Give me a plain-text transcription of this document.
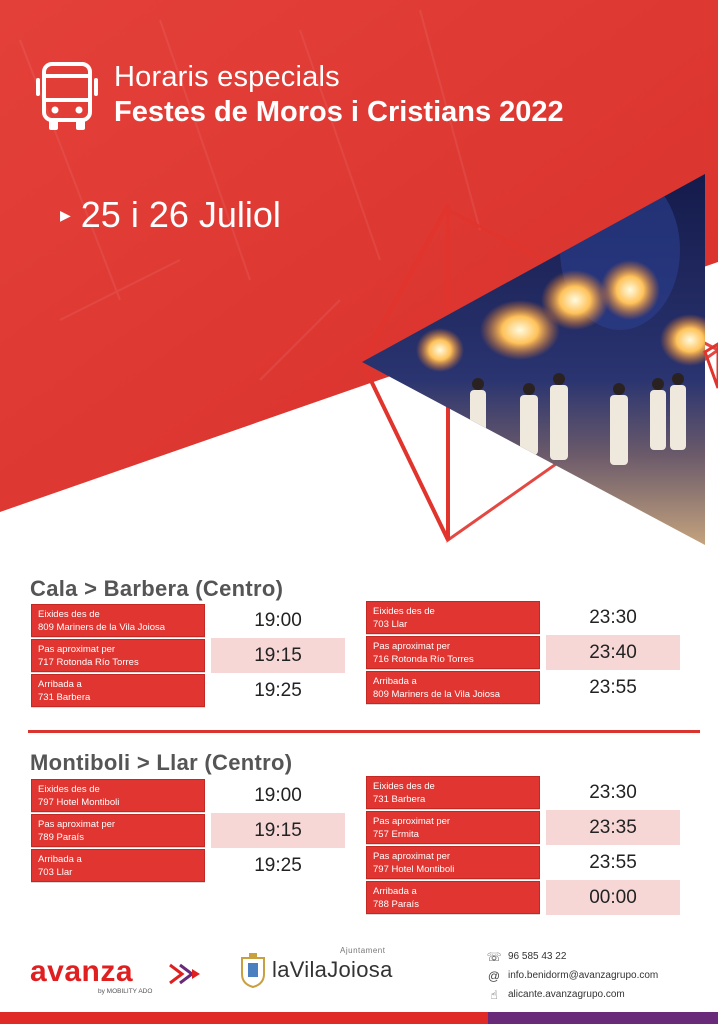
Horaris especials
Festes de Moros i Cristians 2022
▶ 25 i 26 Juliol
Cala > Barbera (Centro)
Eixides des de
809 Mariners de la Vila Joiosa
Pas aproximat per
717 Rotonda Río Torres
Arribada a
731 Barbera
19:00
19:15
19:25
Eixides des de
703 Llar
Pas aproximat per
716 Rotonda Río Torres
Arribada a
809 Mariners de la Vila Joiosa
23:30
23:40
23:55
Montiboli > Llar (Centro)
Eixides des de
797 Hotel Montiboli
Pas aproximat per
789 Paraís
Arribada a
703 Llar
19:00
19:15
19:25
Eixides des de
731 Barbera
Pas aproximat per
757 Ermita
Pas aproximat per
797 Hotel Montiboli
Arribada a
788 Paraís
23:30
23:35
23:55
00:00
avanza
by MOBILITY ADO
laVilaJoiosa
Ajuntament	☏ 96 585 43 22
@ info.benidorm@avanzagrupo.com
☝	alicante.avanzagrupo.com
